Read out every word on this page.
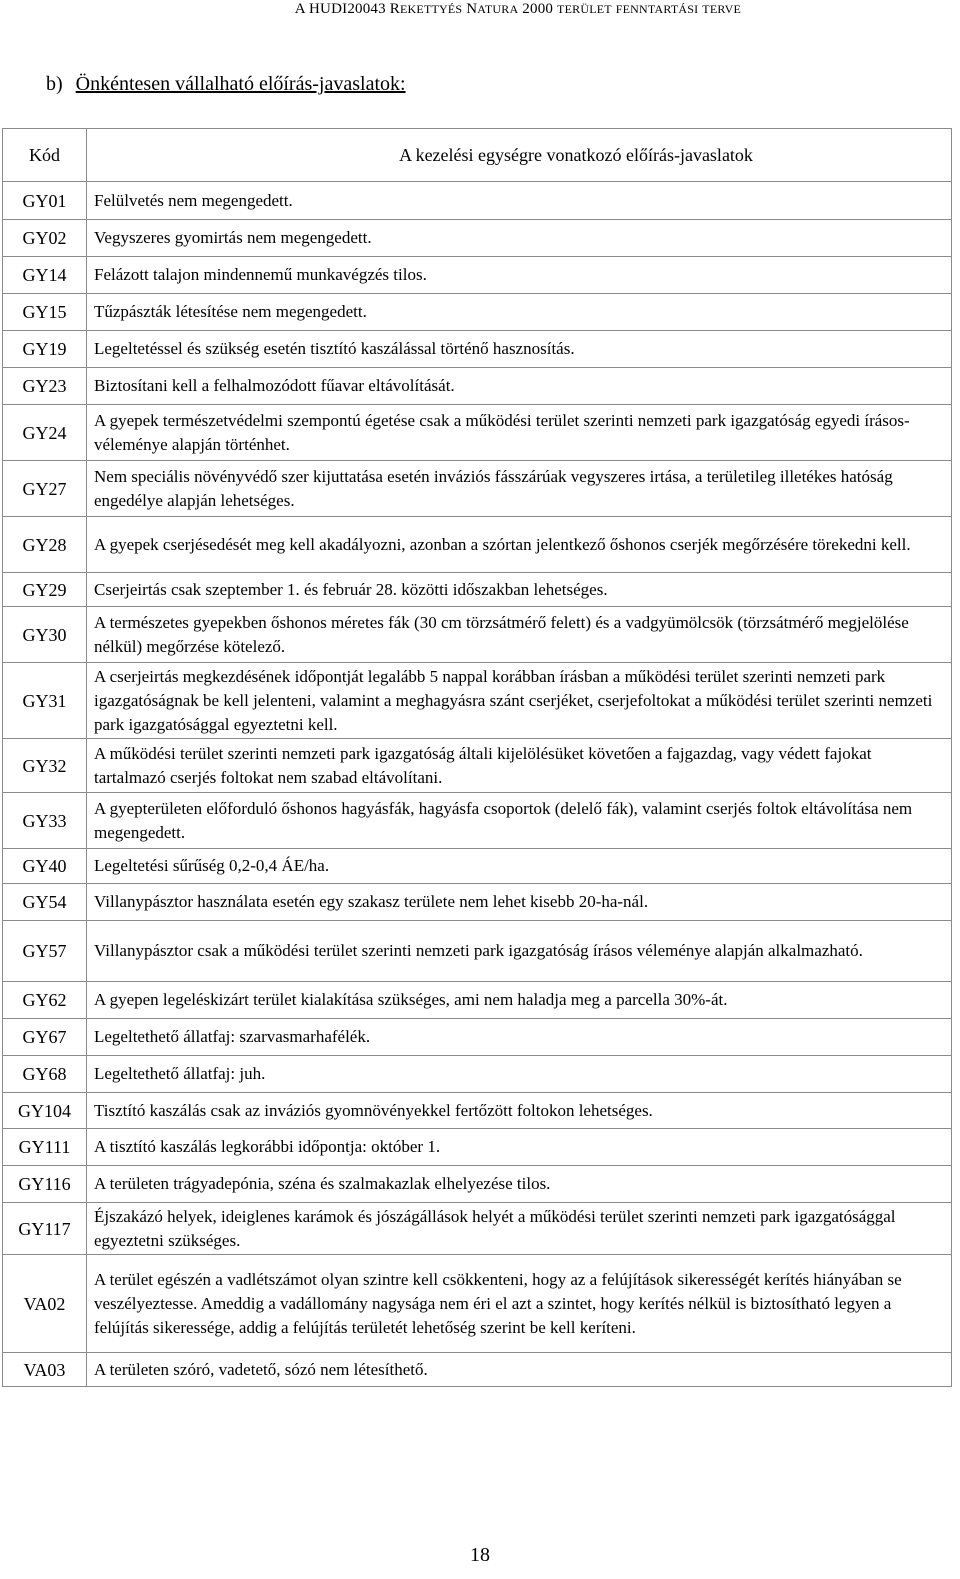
A HUDI20043 REKETTYÉS NATURA 2000 TERÜLET FENNTARTÁSI TERVE
b) Önkéntesen vállalható előírás-javaslatok:
Kód	A kezelési egységre vonatkozó előírás-javaslatok
GY01	Felülvetés nem megengedett.
GY02	Vegyszeres gyomirtás nem megengedett.
GY14	Felázott talajon mindennemű munkavégzés tilos.
GY15	Tűzpászták létesítése nem megengedett.
GY19	Legeltetéssel és szükség esetén tisztító kaszálással történő hasznosítás.
GY23	Biztosítani kell a felhalmozódott fűavar eltávolítását.
GY24	A gyepek természetvédelmi szempontú égetése csak a működési terület szerinti nemzeti park igazgatóság egyedi írásos-véleménye alapján történhet.
GY27	Nem speciális növényvédő szer kijuttatása esetén inváziós fásszárúak vegyszeres irtása, a területileg illetékes hatóság engedélye alapján lehetséges.
GY28	A gyepek cserjésedését meg kell akadályozni, azonban a szórtan jelentkező őshonos cserjék megőrzésére törekedni kell.
GY29	Cserjeirtás csak szeptember 1. és február 28. közötti időszakban lehetséges.
GY30	A természetes gyepekben őshonos méretes fák (30 cm törzsátmérő felett) és a vadgyümölcsök (törzsátmérő megjelölése nélkül) megőrzése kötelező.
GY31	A cserjeirtás megkezdésének időpontját legalább 5 nappal korábban írásban a működési terület szerinti nemzeti park igazgatóságnak be kell jelenteni, valamint a meghagyásra szánt cserjéket, cserjefoltokat a működési terület szerinti nemzeti park igazgatósággal egyeztetni kell.
GY32	A működési terület szerinti nemzeti park igazgatóság általi kijelölésüket követően a fajgazdag, vagy védett fajokat tartalmazó cserjés foltokat nem szabad eltávolítani.
GY33	A gyepterületen előforduló őshonos hagyásfák, hagyásfa csoportok (delelő fák), valamint cserjés foltok eltávolítása nem megengedett.
GY40	Legeltetési sűrűség 0,2-0,4 ÁE/ha.
GY54	Villanypásztor használata esetén egy szakasz területe nem lehet kisebb 20-ha-nál.
GY57	Villanypásztor csak a működési terület szerinti nemzeti park igazgatóság írásos véleménye alapján alkalmazható.
GY62	A gyepen legeléskizárt terület kialakítása szükséges, ami nem haladja meg a parcella 30%-át.
GY67	Legeltethető állatfaj: szarvasmarhafélék.
GY68	Legeltethető állatfaj: juh.
GY104	Tisztító kaszálás csak az inváziós gyomnövényekkel fertőzött foltokon lehetséges.
GY111	A tisztító kaszálás legkorábbi időpontja: október 1.
GY116	A területen trágyadepónia, széna és szalmakazlak elhelyezése tilos.
GY117	Éjszakázó helyek, ideiglenes karámok és jószágállások helyét a működési terület szerinti nemzeti park igazgatósággal egyeztetni szükséges.
VA02	A terület egészén a vadlétszámot olyan szintre kell csökkenteni, hogy az a felújítások sikerességét kerítés hiányában se veszélyeztesse. Ameddig a vadállomány nagysága nem éri el azt a szintet, hogy kerítés nélkül is biztosítható legyen a felújítás sikeressége, addig a felújítás területét lehetőség szerint be kell keríteni.
VA03	A területen szóró, vadetető, sózó nem létesíthető.
18
